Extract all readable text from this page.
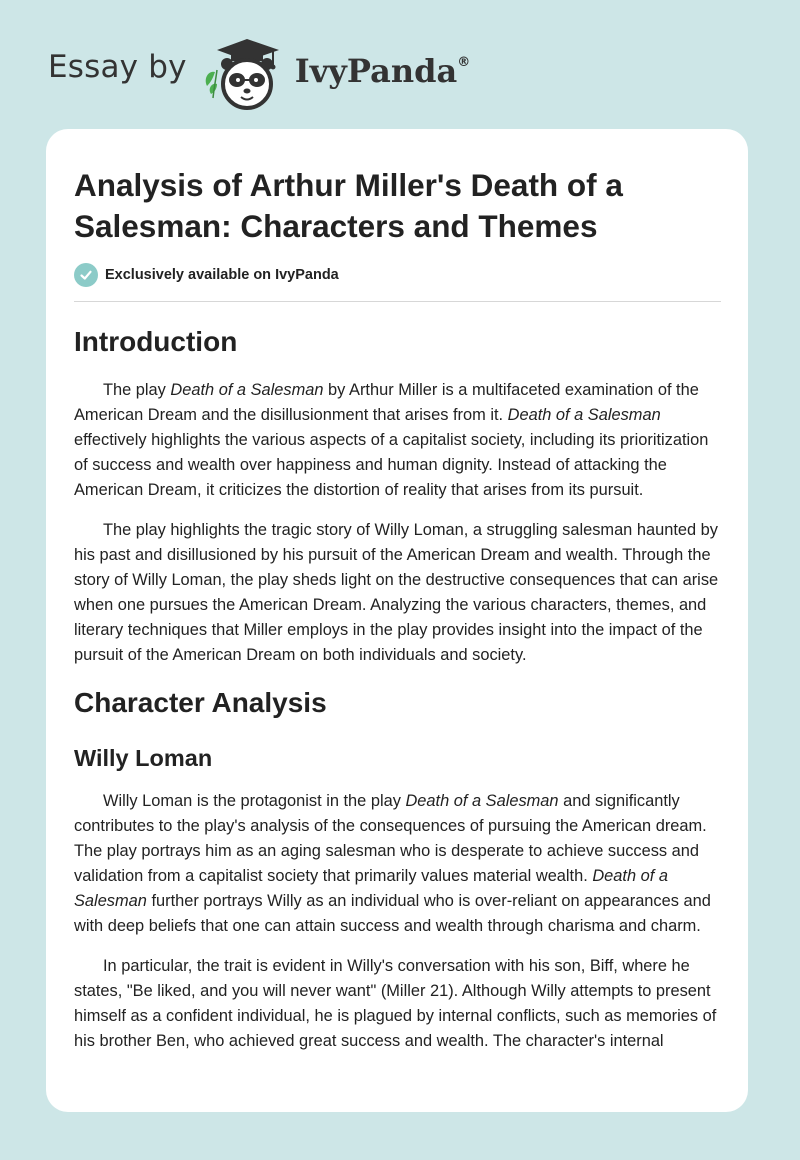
Essay by	IvyPanda®
Analysis of Arthur Miller's Death of a Salesman: Characters and Themes
Exclusively available on IvyPanda
Introduction

The play Death of a Salesman by Arthur Miller is a multifaceted examination of the American Dream and the disillusionment that arises from it. Death of a Salesman effectively highlights the various aspects of a capitalist society, including its prioritization of success and wealth over happiness and human dignity. Instead of attacking the American Dream, it criticizes the distortion of reality that arises from its pursuit.

The play highlights the tragic story of Willy Loman, a struggling salesman haunted by his past and disillusioned by his pursuit of the American Dream and wealth. Through the story of Willy Loman, the play sheds light on the destructive consequences that can arise when one pursues the American Dream. Analyzing the various characters, themes, and literary techniques that Miller employs in the play provides insight into the impact of the pursuit of the American Dream on both individuals and society.

Character Analysis
Willy Loman

Willy Loman is the protagonist in the play Death of a Salesman and significantly contributes to the play's analysis of the consequences of pursuing the American dream. The play portrays him as an aging salesman who is desperate to achieve success and validation from a capitalist society that primarily values material wealth. Death of a Salesman further portrays Willy as an individual who is over-reliant on appearances and with deep beliefs that one can attain success and wealth through charisma and charm.

In particular, the trait is evident in Willy's conversation with his son, Biff, where he states, "Be liked, and you will never want" (Miller 21). Although Willy attempts to present himself as a confident individual, he is plagued by internal conflicts, such as memories of his brother Ben, who achieved great success and wealth. The character's internal
